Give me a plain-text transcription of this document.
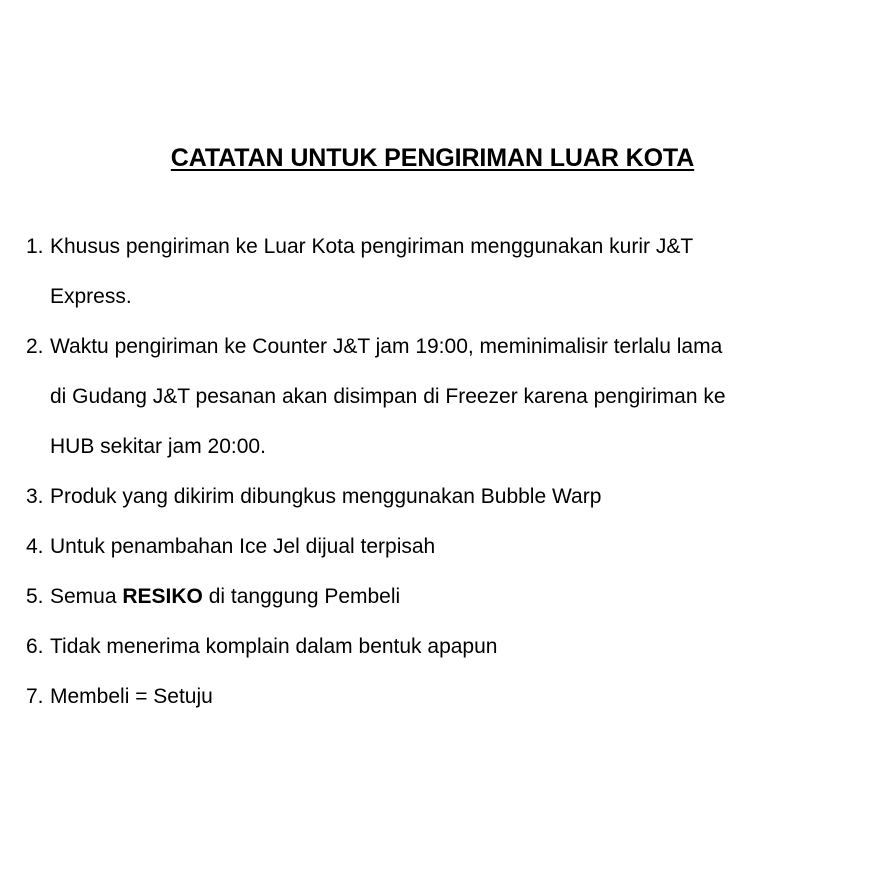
CATATAN UNTUK PENGIRIMAN LUAR KOTA
1. Khusus pengiriman ke Luar Kota pengiriman menggunakan kurir J&T
Express.
2. Waktu pengiriman ke Counter J&T jam 19:00, meminimalisir terlalu lama
di Gudang J&T pesanan akan disimpan di Freezer karena pengiriman ke
HUB sekitar jam 20:00.
3. Produk yang dikirim dibungkus menggunakan Bubble Warp
4. Untuk penambahan Ice Jel dijual terpisah
5. Semua RESIKO di tanggung Pembeli
6. Tidak menerima komplain dalam bentuk apapun
7. Membeli = Setuju
